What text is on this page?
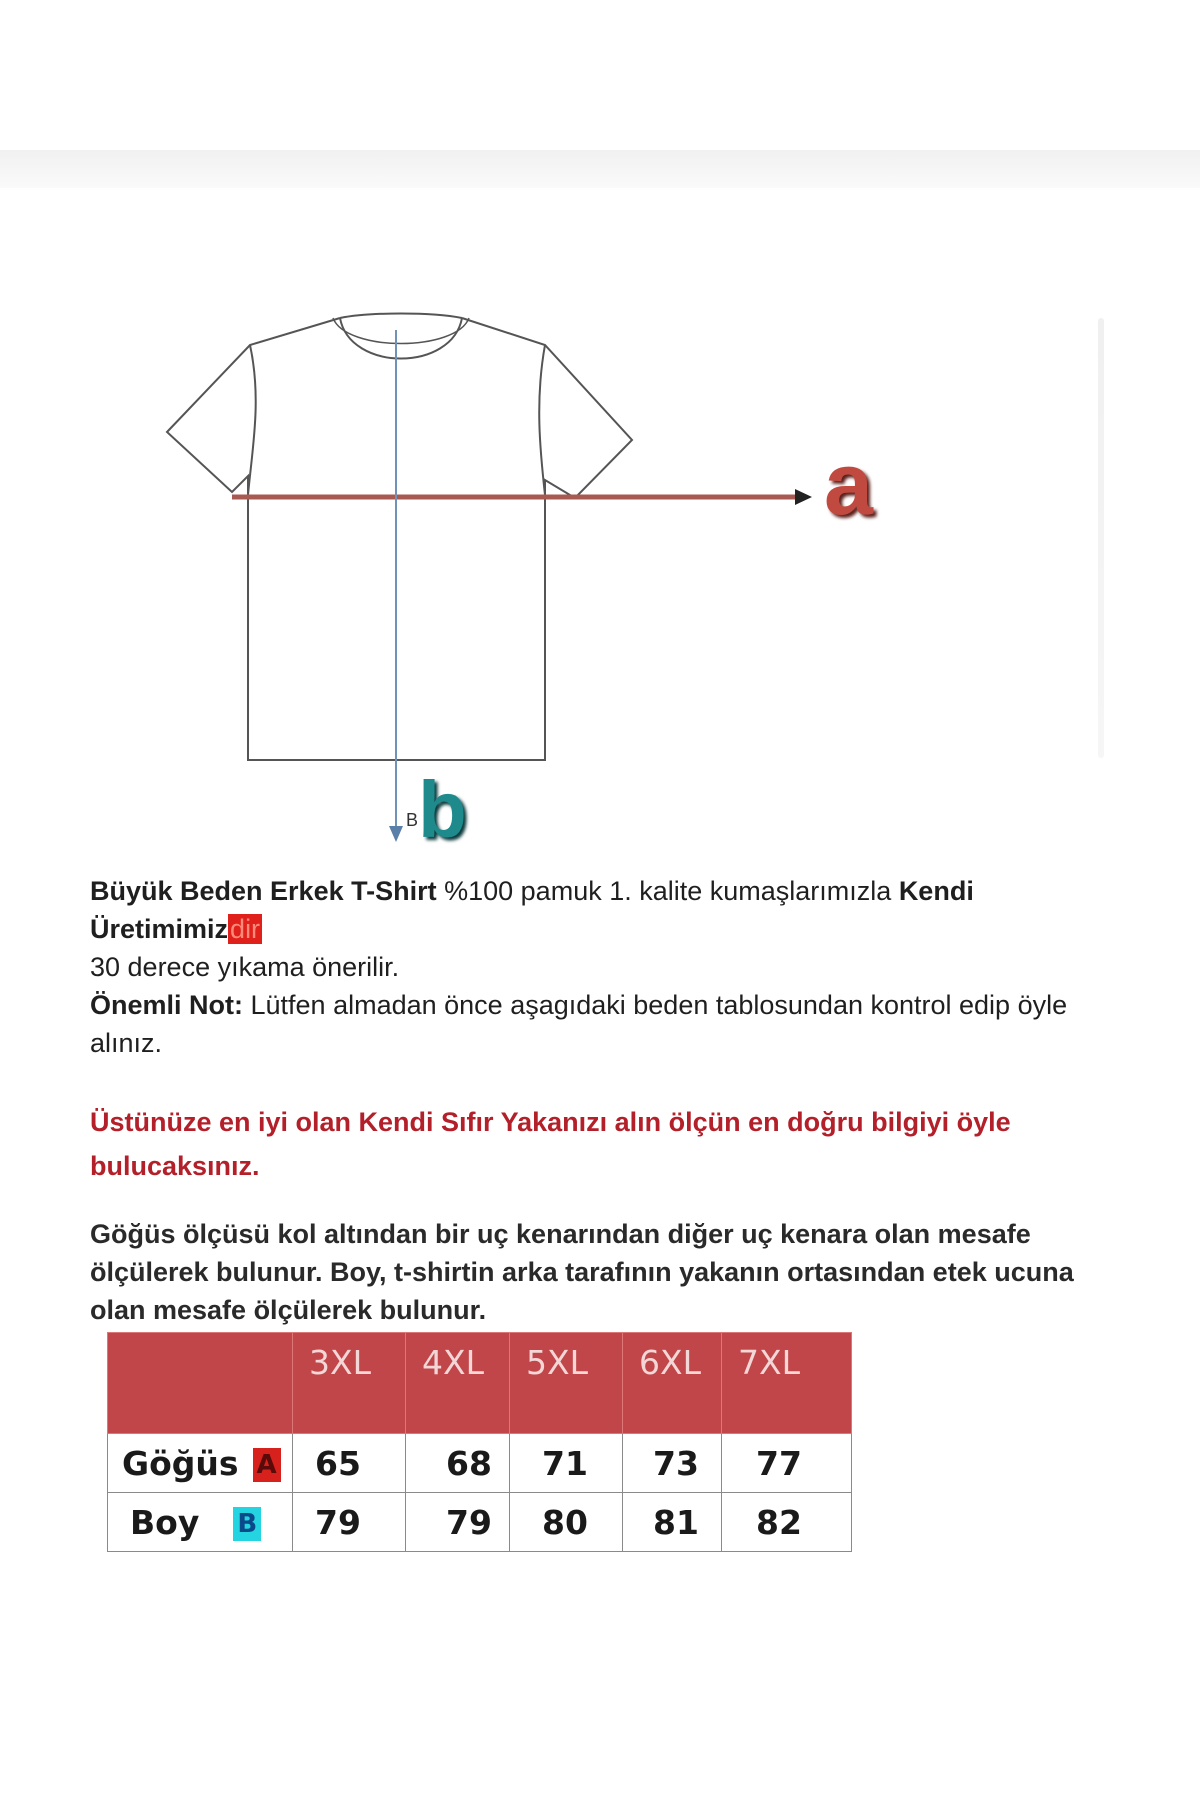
a
B b
Büyük Beden Erkek T-Shirt %100 pamuk 1. kalite kumaşlarımızla Kendi
Üretimimizdir
30 derece yıkama önerilir.
Önemli Not: Lütfen almadan önce aşagıdaki beden tablosundan kontrol edip öyle alınız.
Üstünüze en iyi olan Kendi Sıfır Yakanızı alın ölçün en doğru bilgiyi öyle bulucaksınız.
Göğüs ölçüsü kol altından bir uç kenarından diğer uç kenara olan mesafe ölçülerek bulunur. Boy, t-shirtin arka tarafının yakanın ortasından etek ucuna olan mesafe ölçülerek bulunur.
	3XL	4XL	5XL	6XL	7XL
Göğüs A	65	68	71	73	77
Boy B	79	79	80	81	82
